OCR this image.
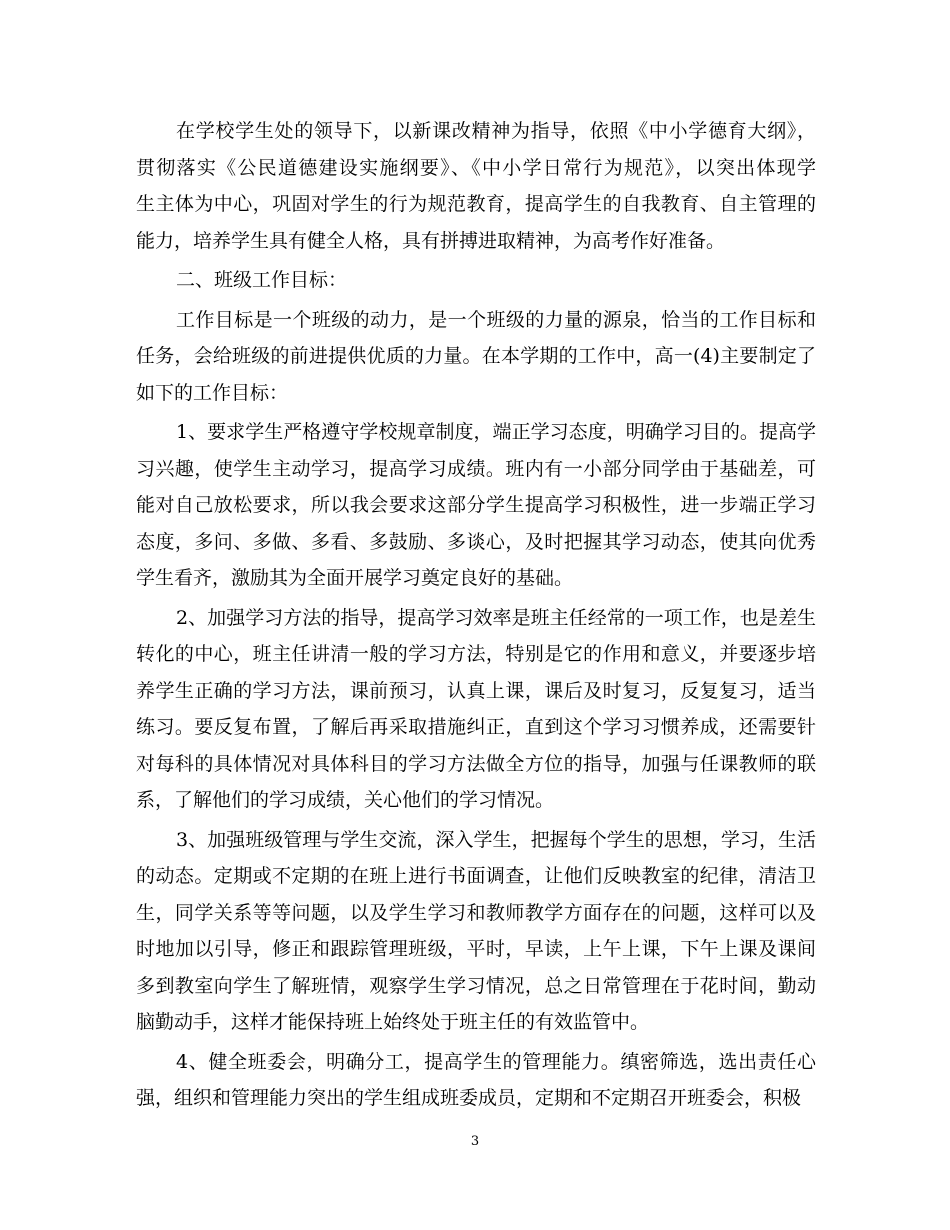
在学校学生处的领导下，以新课改精神为指导，依照《中小学德育大纲》，
贯彻落实《公民道德建设实施纲要》、《中小学日常行为规范》，以突出体现学
生主体为中心，巩固对学生的行为规范教育，提高学生的自我教育、自主管理的
能力，培养学生具有健全人格，具有拼搏进取精神，为高考作好准备。
二、班级工作目标：
工作目标是一个班级的动力，是一个班级的力量的源泉，恰当的工作目标和
任务，会给班级的前进提供优质的力量。在本学期的工作中，高一(4)主要制定了
如下的工作目标：
1、要求学生严格遵守学校规章制度，端正学习态度，明确学习目的。提高学
习兴趣，使学生主动学习，提高学习成绩。班内有一小部分同学由于基础差，可
能对自己放松要求，所以我会要求这部分学生提高学习积极性，进一步端正学习
态度，多问、多做、多看、多鼓励、多谈心，及时把握其学习动态，使其向优秀
学生看齐，激励其为全面开展学习奠定良好的基础。
2、加强学习方法的指导，提高学习效率是班主任经常的一项工作，也是差生
转化的中心，班主任讲清一般的学习方法，特别是它的作用和意义，并要逐步培
养学生正确的学习方法，课前预习，认真上课，课后及时复习，反复复习，适当
练习。要反复布置，了解后再采取措施纠正，直到这个学习习惯养成，还需要针
对每科的具体情况对具体科目的学习方法做全方位的指导，加强与任课教师的联
系，了解他们的学习成绩，关心他们的学习情况。
3、加强班级管理与学生交流，深入学生，把握每个学生的思想，学习，生活
的动态。定期或不定期的在班上进行书面调查，让他们反映教室的纪律，清洁卫
生，同学关系等等问题，以及学生学习和教师教学方面存在的问题，这样可以及
时地加以引导，修正和跟踪管理班级，平时，早读，上午上课，下午上课及课间
多到教室向学生了解班情，观察学生学习情况，总之日常管理在于花时间，勤动
脑勤动手，这样才能保持班上始终处于班主任的有效监管中。
4、健全班委会，明确分工，提高学生的管理能力。缜密筛选，选出责任心
强，组织和管理能力突出的学生组成班委成员，定期和不定期召开班委会，积极
3
